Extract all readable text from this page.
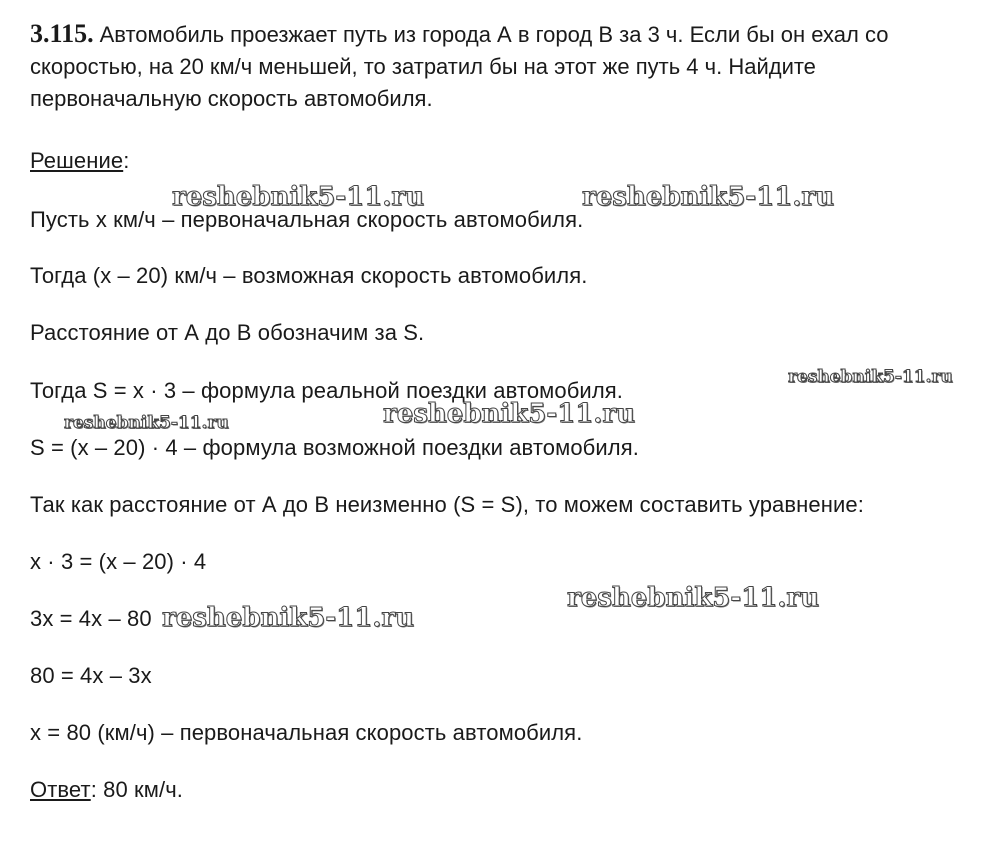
3.115. Автомобиль проезжает путь из города А в город В за 3 ч. Если бы он ехал со скоростью, на 20 км/ч меньшей, то затратил бы на этот же путь 4 ч. Найдите первоначальную скорость автомобиля.
Решение:
Пусть х км/ч – первоначальная скорость автомобиля.
Тогда (х – 20) км/ч – возможная скорость автомобиля.
Расстояние от А до В обозначим за S.
Тогда S = х · 3 – формула реальной поездки автомобиля.
S = (х – 20) · 4 – формула возможной поездки автомобиля.
Так как расстояние от А до В неизменно (S = S), то можем составить уравнение:
х · 3 = (х – 20) · 4
3х = 4х – 80
80 = 4х – 3х
х = 80 (км/ч) – первоначальная скорость автомобиля.
Ответ: 80 км/ч.
reshebnik5-11.ru	reshebnik5-11.ru
reshebnik5-11.ru
reshebnik5-11.ru	reshebnik5-11.ru
reshebnik5-11.ru
reshebnik5-11.ru
